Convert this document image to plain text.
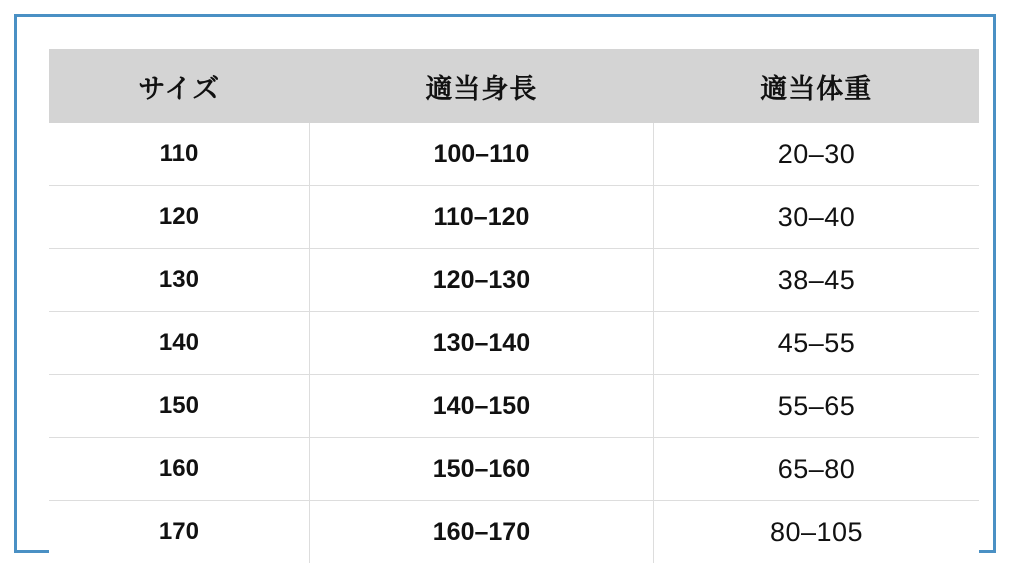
サイズ	適当身長	適当体重
110	100–110	20–30
120	110–120	30–40
130	120–130	38–45
140	130–140	45–55
150	140–150	55–65
160	150–160	65–80
170	160–170	80–105
